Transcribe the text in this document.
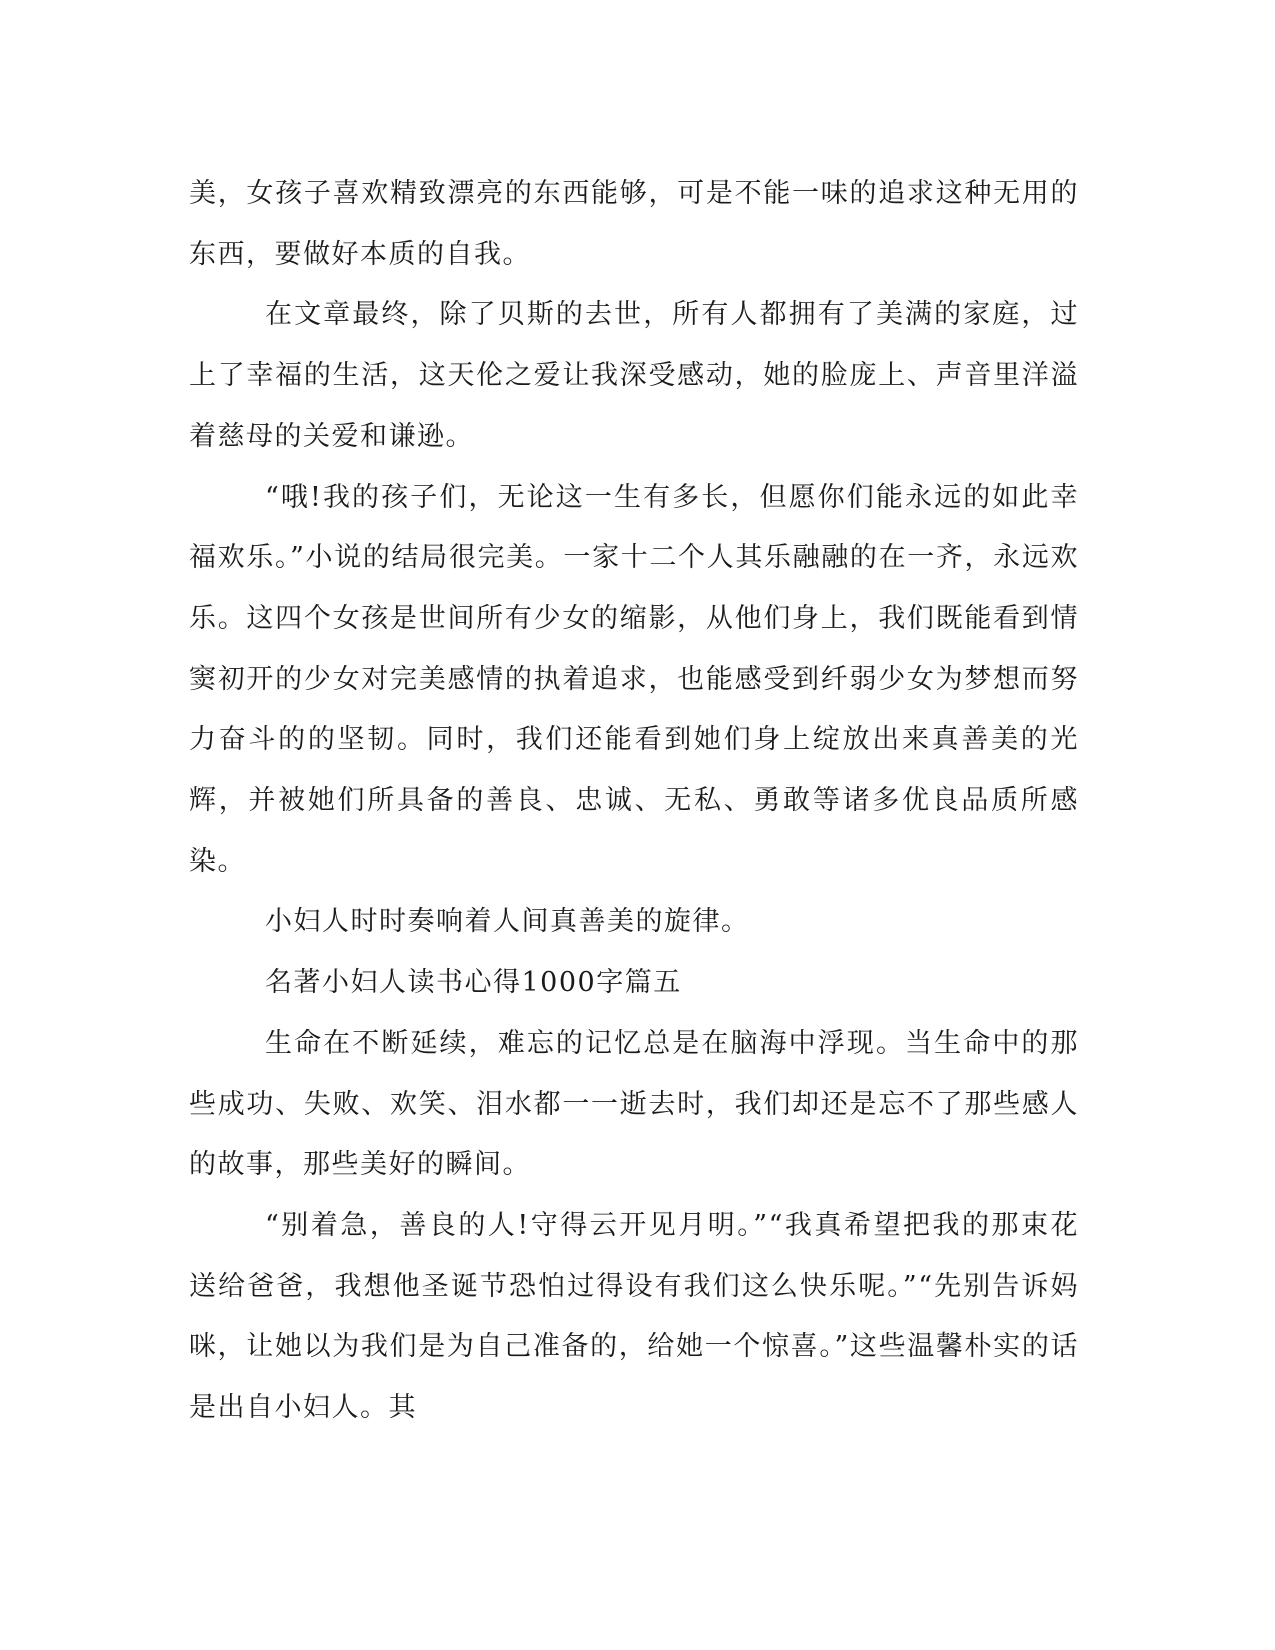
美，女孩子喜欢精致漂亮的东西能够，可是不能一味的追求这种无用的东西，要做好本质的自我。

在文章最终，除了贝斯的去世，所有人都拥有了美满的家庭，过上了幸福的生活，这天伦之爱让我深受感动，她的脸庞上、声音里洋溢着慈母的关爱和谦逊。

“哦!我的孩子们，无论这一生有多长，但愿你们能永远的如此幸福欢乐。”小说的结局很完美。一家十二个人其乐融融的在一齐，永远欢乐。这四个女孩是世间所有少女的缩影，从他们身上，我们既能看到情窦初开的少女对完美感情的执着追求，也能感受到纤弱少女为梦想而努力奋斗的的坚韧。同时，我们还能看到她们身上绽放出来真善美的光辉，并被她们所具备的善良、忠诚、无私、勇敢等诸多优良品质所感染。

小妇人时时奏响着人间真善美的旋律。

名著小妇人读书心得1000字篇五

生命在不断延续，难忘的记忆总是在脑海中浮现。当生命中的那些成功、失败、欢笑、泪水都一一逝去时，我们却还是忘不了那些感人的故事，那些美好的瞬间。

“别着急，善良的人!守得云开见月明。”“我真希望把我的那束花送给爸爸，我想他圣诞节恐怕过得设有我们这么快乐呢。”“先别告诉妈咪，让她以为我们是为自己准备的，给她一个惊喜。”这些温馨朴实的话是出自小妇人。其
